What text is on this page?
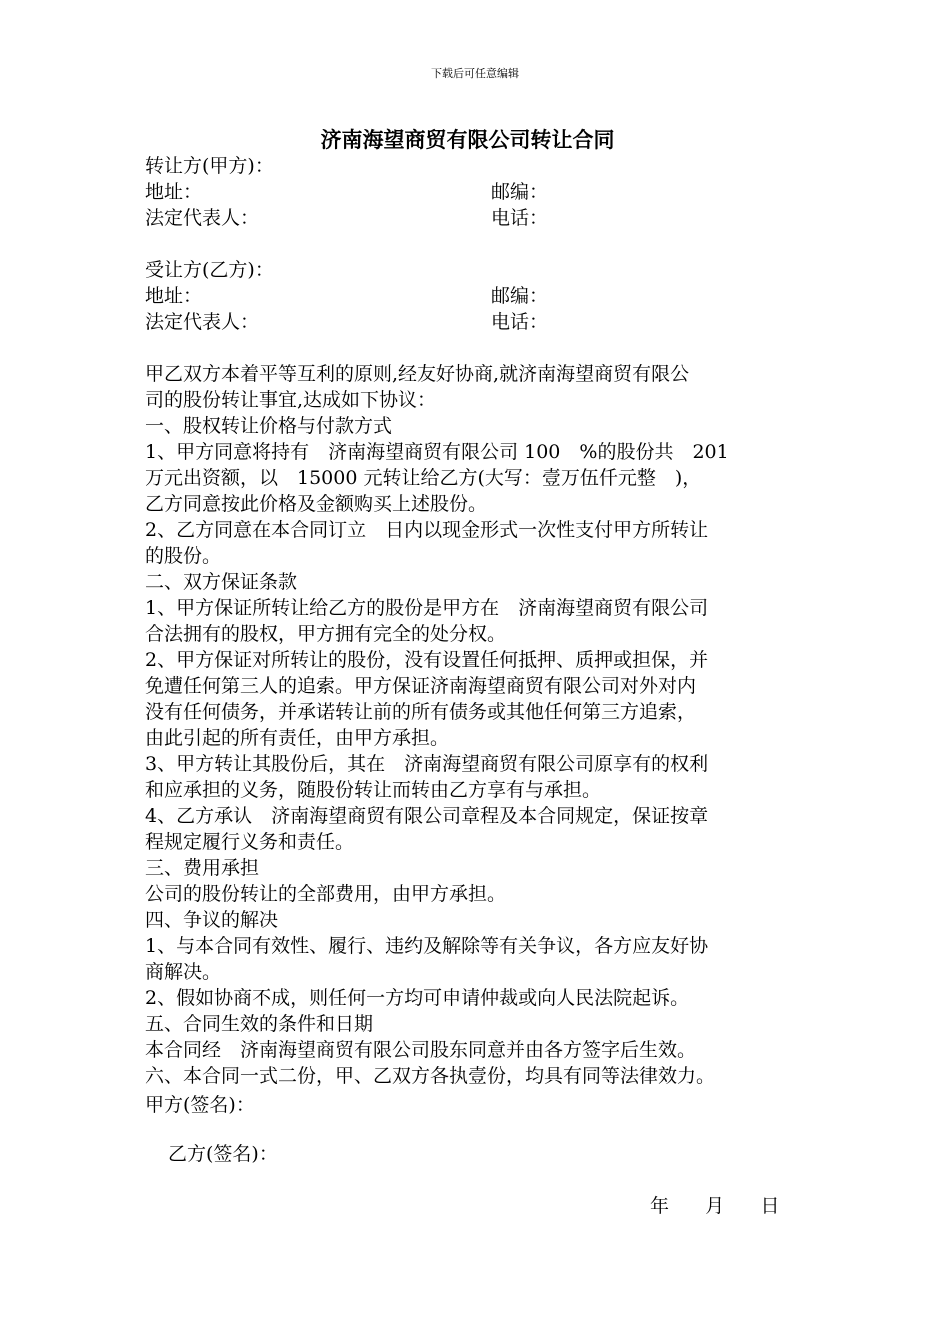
下载后可任意编辑
济南海望商贸有限公司转让合同
转让方(甲方)：
地址：	邮编：
法定代表人：	电话：
受让方(乙方)：
地址：	邮编：
法定代表人：	电话：
甲乙双方本着平等互利的原则,经友好协商,就济南海望商贸有限公
司的股份转让事宜,达成如下协议：
一、股权转让价格与付款方式
1、甲方同意将持有　济南海望商贸有限公司 100　%的股份共　201
万元出资额，以　15000 元转让给乙方(大写：壹万伍仟元整　)，
乙方同意按此价格及金额购买上述股份。
2、乙方同意在本合同订立　日内以现金形式一次性支付甲方所转让
的股份。
二、双方保证条款
1、甲方保证所转让给乙方的股份是甲方在　济南海望商贸有限公司
合法拥有的股权，甲方拥有完全的处分权。
2、甲方保证对所转让的股份，没有设置任何抵押、质押或担保，并
免遭任何第三人的追索。甲方保证济南海望商贸有限公司对外对内
没有任何债务，并承诺转让前的所有债务或其他任何第三方追索，
由此引起的所有责任，由甲方承担。
3、甲方转让其股份后，其在　济南海望商贸有限公司原享有的权利
和应承担的义务，随股份转让而转由乙方享有与承担。
4、乙方承认　济南海望商贸有限公司章程及本合同规定，保证按章
程规定履行义务和责任。
三、费用承担
公司的股份转让的全部费用，由甲方承担。
四、争议的解决
1、与本合同有效性、履行、违约及解除等有关争议，各方应友好协
商解决。
2、假如协商不成，则任何一方均可申请仲裁或向人民法院起诉。
五、合同生效的条件和日期
本合同经　济南海望商贸有限公司股东同意并由各方签字后生效。
六、本合同一式二份，甲、乙双方各执壹份，均具有同等法律效力。
甲方(签名)：
乙方(签名)：
年 月 日
